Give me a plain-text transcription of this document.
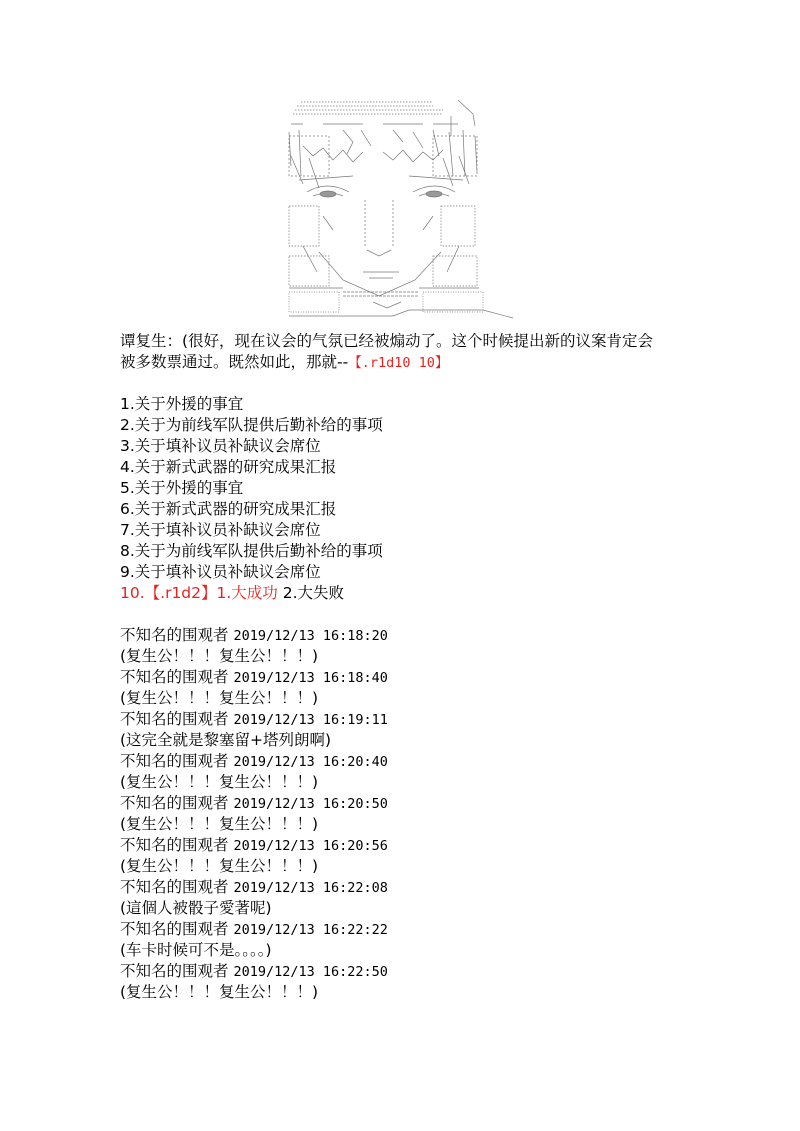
谭复生：(很好，现在议会的气氛已经被煽动了。这个时候提出新的议案肯定会
被多数票通过。既然如此，那就--【.r1d10 10】
1.关于外援的事宜
2.关于为前线军队提供后勤补给的事项
3.关于填补议员补缺议会席位
4.关于新式武器的研究成果汇报
5.关于外援的事宜
6.关于新式武器的研究成果汇报
7.关于填补议员补缺议会席位
8.关于为前线军队提供后勤补给的事项
9.关于填补议员补缺议会席位
10.【.r1d2】1.大成功 2.大失败
不知名的围观者 2019/12/13 16:18:20
(复生公！！！复生公！！！)
不知名的围观者 2019/12/13 16:18:40
(复生公！！！复生公！！！)
不知名的围观者 2019/12/13 16:19:11
(这完全就是黎塞留+塔列朗啊)
不知名的围观者 2019/12/13 16:20:40
(复生公！！！复生公！！！)
不知名的围观者 2019/12/13 16:20:50
(复生公！！！复生公！！！)
不知名的围观者 2019/12/13 16:20:56
(复生公！！！复生公！！！)
不知名的围观者 2019/12/13 16:22:08
(這個人被骰子愛著呢)
不知名的围观者 2019/12/13 16:22:22
(车卡时候可不是。。。。)
不知名的围观者 2019/12/13 16:22:50
(复生公！！！复生公！！！)
